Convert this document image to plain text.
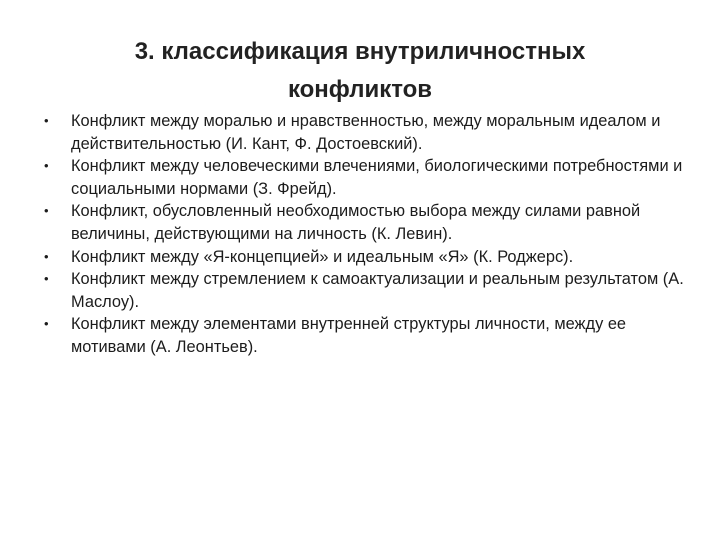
3. классификация внутриличностных
конфликтов
• Конфликт между моралью и нравственностью, между моральным идеалом и действительностью (И. Кант, Ф. Достоевский).
• Конфликт между человеческими влечениями, биологическими потребностями и социальными нормами (З. Фрейд).
• Конфликт, обусловленный необходимостью выбора между силами равной величины, действующими на личность (К. Левин).
• Конфликт между «Я-концепцией» и идеальным «Я» (К. Роджерс).
• Конфликт между стремлением к самоактуализации и реальным результатом (А. Маслоу).
• Конфликт между элементами внутренней структуры личности, между ее мотивами (А. Леонтьев).
